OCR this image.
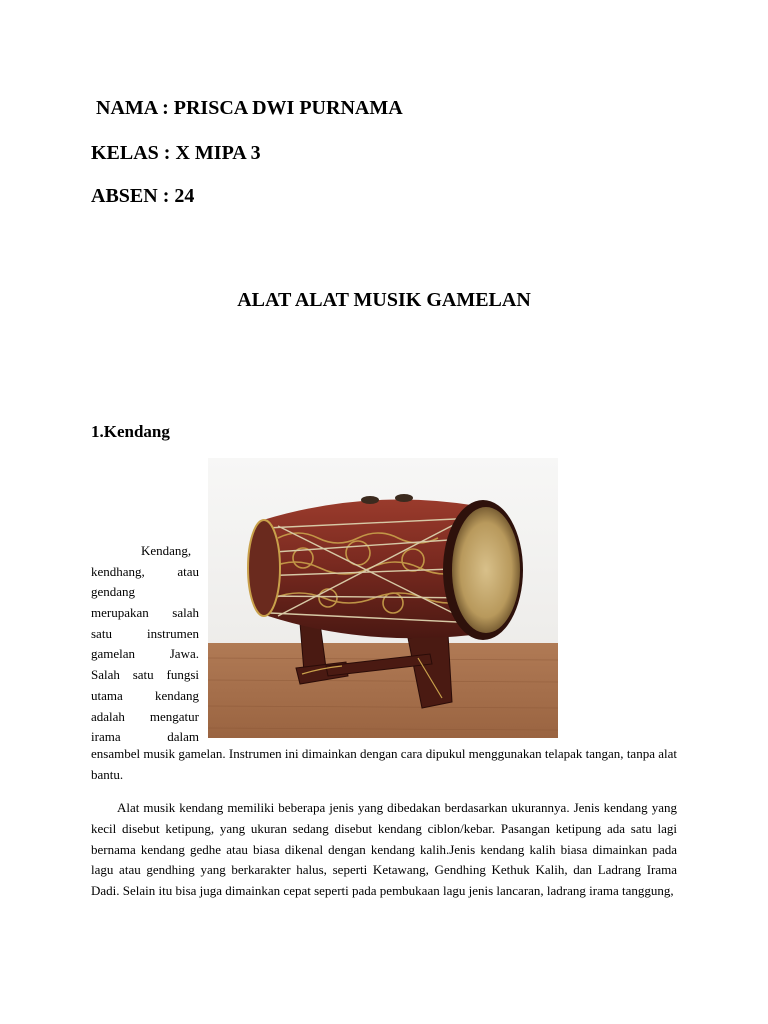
NAMA : PRISCA DWI PURNAMA
KELAS : X MIPA 3
ABSEN : 24
ALAT ALAT MUSIK GAMELAN
1.Kendang
Kendang,
kendhang, atau
gendang
merupakan salah
satu instrumen
gamelan Jawa.
Salah satu fungsi
utama kendang
adalah mengatur
irama dalam
ensambel musik gamelan. Instrumen ini dimainkan dengan cara dipukul menggunakan telapak tangan, tanpa alat bantu.
Alat musik kendang memiliki beberapa jenis yang dibedakan berdasarkan ukurannya. Jenis kendang yang kecil disebut ketipung, yang ukuran sedang disebut kendang ciblon/kebar. Pasangan ketipung ada satu lagi bernama kendang gedhe atau biasa dikenal dengan kendang kalih.Jenis kendang kalih biasa dimainkan pada lagu atau gendhing yang berkarakter halus, seperti Ketawang, Gendhing Kethuk Kalih, dan Ladrang Irama Dadi. Selain itu bisa juga dimainkan cepat seperti pada pembukaan lagu jenis lancaran, ladrang irama tanggung,
